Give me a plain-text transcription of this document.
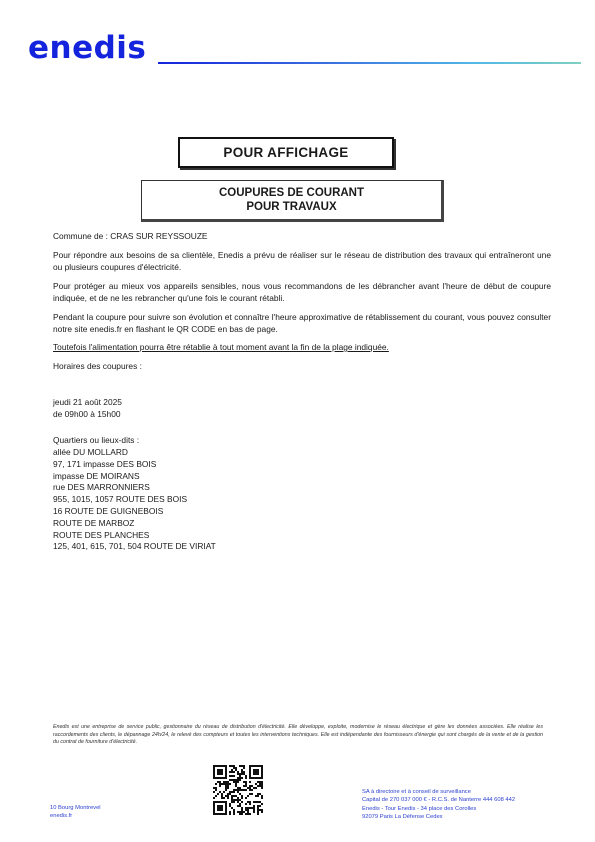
enedis
POUR AFFICHAGE
COUPURES DE COURANT
POUR TRAVAUX
Commune de : CRAS SUR REYSSOUZE
Pour répondre aux besoins de sa clientèle, Enedis a prévu de réaliser sur le réseau de distribution des travaux qui entraîneront une ou plusieurs coupures d'électricité.
Pour protéger au mieux vos appareils sensibles, nous vous recommandons de les débrancher avant l'heure de début de coupure indiquée, et de ne les rebrancher qu'une fois le courant rétabli.
Pendant la coupure pour suivre son évolution et connaître l'heure approximative de rétablissement du courant, vous pouvez consulter notre site enedis.fr en flashant le QR CODE en bas de page.
Toutefois l'alimentation pourra être rétablie à tout moment avant la fin de la plage indiquée.
Horaires des coupures :
jeudi 21 août 2025
de 09h00 à 15h00
Quartiers ou lieux-dits :
allée DU MOLLARD
97, 171 impasse DES BOIS
impasse DE MOIRANS
rue DES MARRONNIERS
955, 1015, 1057 ROUTE DES BOIS
16 ROUTE DE GUIGNEBOIS
ROUTE DE MARBOZ
ROUTE DES PLANCHES
125, 401, 615, 701, 504 ROUTE DE VIRIAT
Enedis est une entreprise de service public, gestionnaire du réseau de distribution d'électricité. Elle développe, exploite, modernise le réseau électrique et gère les données associées. Elle réalise les raccordements des clients, le dépannage 24h/24, le relevé des compteurs et toutes les interventions techniques. Elle est indépendante des fournisseurs d'énergie qui sont chargés de la vente et de la gestion du contrat de fourniture d'électricité.
10 Bourg Montrevel
enedis.fr
SA à directoire et à conseil de surveillance
Capital de 270 037 000 € - R.C.S. de Nanterre 444 608 442
Enedis - Tour Enedis - 34 place des Corolles
92079 Paris La Défense Cedex
